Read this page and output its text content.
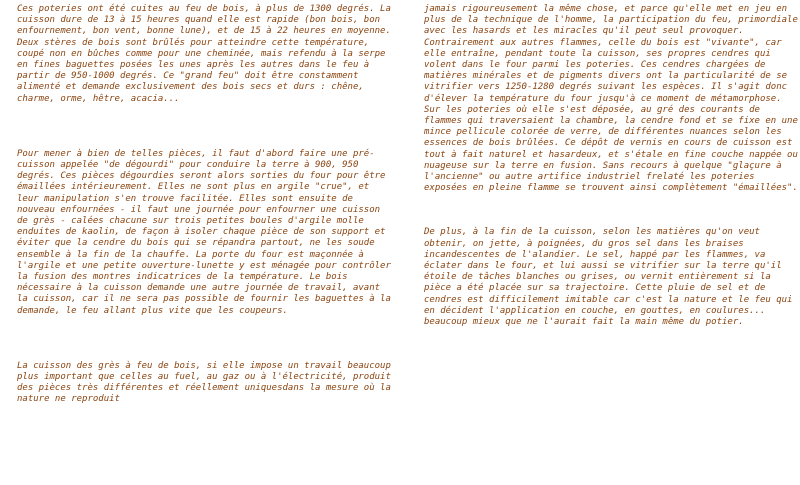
Ces poteries ont été cuites au feu de bois, à plus de 1300 degrés. La cuisson dure de 13 à 15 heures quand elle est rapide (bon bois, bon enfournement, bon vent, bonne lune), et de 15 à 22 heures en moyenne. Deux stères de bois sont brûlés pour atteindre cette température, coupé non en bûches comme pour une cheminée, mais refendu à la serpe en fines baguettes posées les unes après les autres dans le feu à partir de 950-1000 degrés. Ce "grand feu" doit être constamment alimenté et demande exclusivement des bois secs et durs : chêne, charme, orme, hêtre, acacia...

Pour mener à bien de telles pièces, il faut d'abord faire une pré-cuisson appelée "de dégourdi" pour conduire la terre à 900, 950 degrés. Ces pièces dégourdies seront alors sorties du four pour être émaillées intérieurement. Elles ne sont plus en argile "crue", et leur manipulation s'en trouve facilitée. Elles sont ensuite de nouveau enfournées - il faut une journée pour enfourner une cuisson de grès - calées chacune sur trois petites boules d'argile molle enduites de kaolin, de façon à isoler chaque pièce de son support et éviter que la cendre du bois qui se répandra partout, ne les soude ensemble à la fin de la chauffe. La porte du four est maçonnée à l'argile et une petite ouverture-lunette y est ménagée pour contrôler la fusion des montres indicatrices de la température. Le bois nécessaire à la cuisson demande une autre journée de travail, avant la cuisson, car il ne sera pas possible de fournir les baguettes à la demande, le feu allant plus vite que les coupeurs.

La cuisson des grès à feu de bois, si elle impose un travail beaucoup plus important que celles au fuel, au gaz ou à l'électricité, produit des pièces très différentes et réellement uniquesdans la mesure où la nature ne reproduit

jamais rigoureusement la même chose, et parce qu'elle met en jeu en plus de la technique de l'homme, la participation du feu, primordiale avec les hasards et les miracles qu'il peut seul provoquer. Contrairement aux autres flammes, celle du bois est "vivante", car elle entraîne, pendant toute la cuisson, ses propres cendres qui volent dans le four parmi les poteries. Ces cendres chargées de matières minérales et de pigments divers ont la particularité de se vitrifier vers 1250-1280 degrés suivant les espèces. Il s'agit donc d'élever la température du four jusqu'à ce moment de métamorphose. Sur les poteries où elle s'est déposée, au gré des courants de flammes qui traversaient la chambre, la cendre fond et se fixe en une mince pellicule colorée de verre, de différentes nuances selon les essences de bois brûlées. Ce dépôt de vernis en cours de cuisson est tout à fait naturel et hasardeux, et s'étale en fine couche nappée ou nuageuse sur la terre en fusion. Sans recours à quelque "glaçure à l'ancienne" ou autre artifice industriel frelaté les poteries exposées en pleine flamme se trouvent ainsi complètement "émaillées".

De plus, à la fin de la cuisson, selon les matières qu'on veut obtenir, on jette, à poignées, du gros sel dans les braises incandescentes de l'alandier. Le sel, happé par les flammes, va éclater dans le four, et lui aussi se vitrifier sur la terre qu'il étoile de tâches blanches ou grises, ou vernit entièrement si la pièce a été placée sur sa trajectoire. Cette pluie de sel et de cendres est difficilement imitable car c'est la nature et le feu qui en décident l'application en couche, en gouttes, en coulures... beaucoup mieux que ne l'aurait fait la main même du potier.
